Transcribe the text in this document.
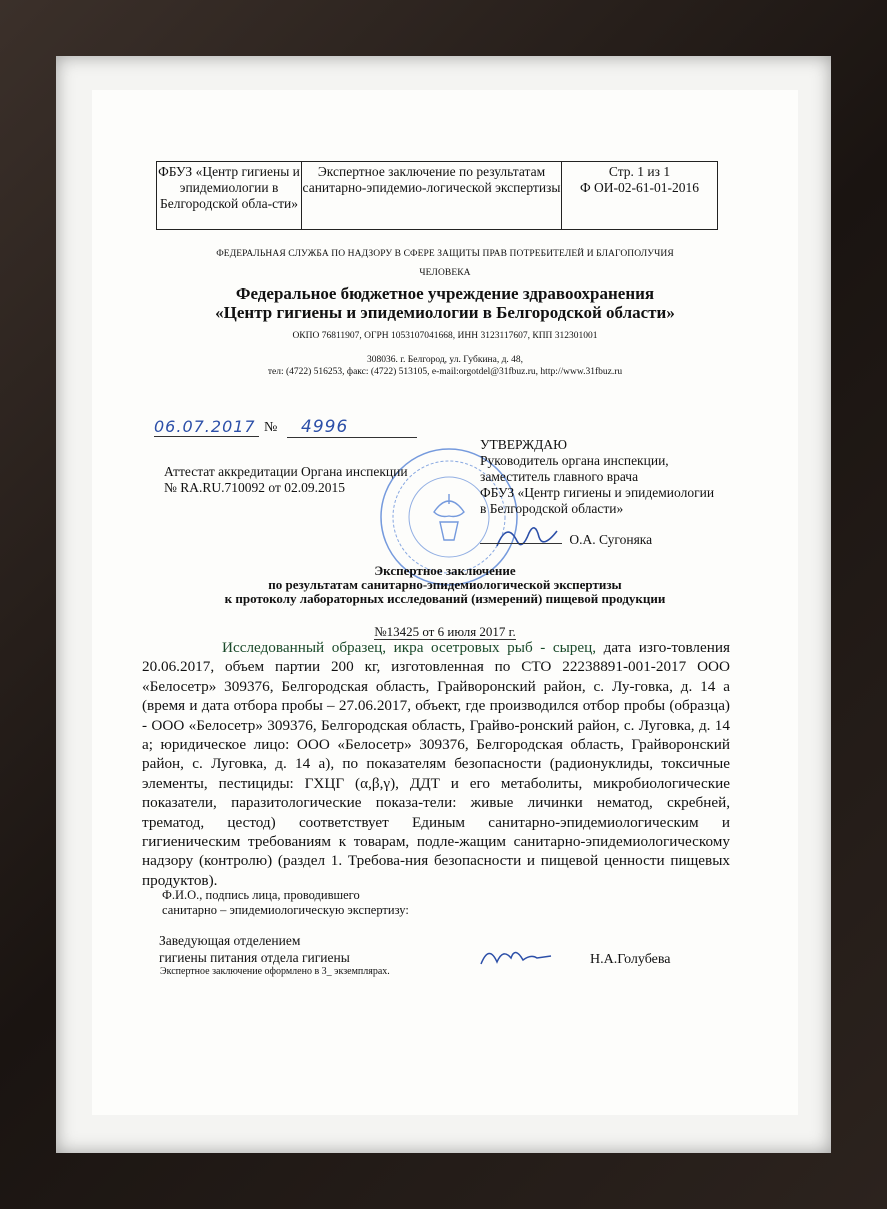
ФБУЗ «Центр гигиены и эпидемиологии в Белгородской обла-сти»
Экспертное заключение по результатам санитарно-эпидемио-логической экспертизы
Стр. 1 из 1
Ф ОИ-02-61-01-2016
ФЕДЕРАЛЬНАЯ СЛУЖБА ПО НАДЗОРУ В СФЕРЕ ЗАЩИТЫ ПРАВ ПОТРЕБИТЕЛЕЙ И БЛАГОПОЛУЧИЯ
ЧЕЛОВЕКА
Федеральное бюджетное учреждение здравоохранения
«Центр гигиены и эпидемиологии в Белгородской области»
ОКПО 76811907, ОГРН 1053107041668, ИНН 3123117607, КПП 312301001
308036. г. Белгород, ул. Губкина, д. 48,
тел: (4722) 516253, факс: (4722) 513105, e-mail:orgotdel@31fbuz.ru, http://www.31fbuz.ru
06.07.2017 №	4996
УТВЕРЖДАЮ
Руководитель органа инспекции,
заместитель главного врача
ФБУЗ «Центр гигиены и эпидемиологии
в Белгородской области»
Аттестат аккредитации Органа инспекции
№ RA.RU.710092 от 02.09.2015
О.А. Сугоняка
Экспертное заключение
по результатам санитарно-эпидемиологической экспертизы
к протоколу лабораторных исследований (измерений) пищевой продукции
№13425 от 6 июля 2017 г.
Исследованный образец, икра осетровых рыб - сырец, дата изго-товления 20.06.2017, объем партии 200 кг, изготовленная по СТО 22238891-001-2017 ООО «Белосетр» 309376, Белгородская область, Грайворонский район, с. Лу-говка, д. 14 а (время и дата отбора пробы – 27.06.2017, объект, где производился отбор пробы (образца) - ООО «Белосетр» 309376, Белгородская область, Грайво-ронский район, с. Луговка, д. 14 а; юридическое лицо: ООО «Белосетр» 309376, Белгородская область, Грайворонский район, с. Луговка, д. 14 а), по показателям безопасности (радионуклиды, токсичные элементы, пестициды: ГХЦГ (α,β,γ), ДДТ и его метаболиты, микробиологические показатели, паразитологические показа-тели: живые личинки нематод, скребней, трематод, цестод) соответствует Единым санитарно-эпидемиологическим и гигиеническим требованиям к товарам, подле-жащим санитарно-эпидемиологическому надзору (контролю) (раздел 1. Требова-ния безопасности и пищевой ценности пищевых продуктов).
Ф.И.О., подпись лица, проводившего
санитарно – эпидемиологическую экспертизу:
Заведующая отделением
гигиены питания отдела гигиены
Экспертное заключение оформлено в 3_ экземплярах.
Н.А.Голубева
